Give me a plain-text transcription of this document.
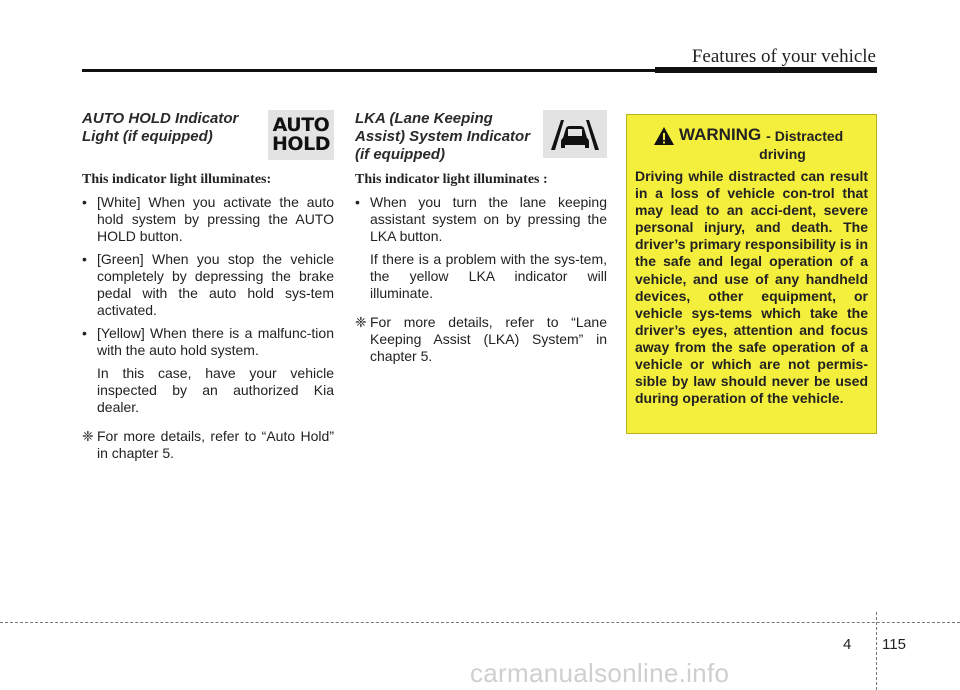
Features of your vehicle
AUTO HOLD Indicator
Light (if equipped)
AUTO
HOLD
This indicator light illuminates:
• [White] When you activate the auto hold system by pressing the AUTO HOLD button.
• [Green] When you stop the vehicle completely by depressing the brake pedal with the auto hold sys-tem activated.
• [Yellow] When there is a malfunc-tion with the auto hold system.
In this case, have your vehicle inspected by an authorized Kia dealer.
❈ For more details, refer to “Auto Hold” in chapter 5.
LKA (Lane Keeping
Assist) System Indicator
(if equipped)
This indicator light illuminates :
• When you turn the lane keeping assistant system on by pressing the LKA button.
If there is a problem with the sys-tem, the yellow LKA indicator will illuminate.
❈ For more details, refer to “Lane Keeping Assist (LKA) System” in chapter 5.
WARNING - Distracted
driving
Driving while distracted can result in a loss of vehicle con-trol that may lead to an acci-dent, severe personal injury, and death. The driver’s primary responsibility is in the safe and legal operation of a vehicle, and use of any handheld devices, other equipment, or vehicle sys-tems which take the driver’s eyes, attention and focus away from the safe operation of a vehicle or which are not permis-sible by law should never be used during operation of the vehicle.
4 115
carmanualsonline.info
